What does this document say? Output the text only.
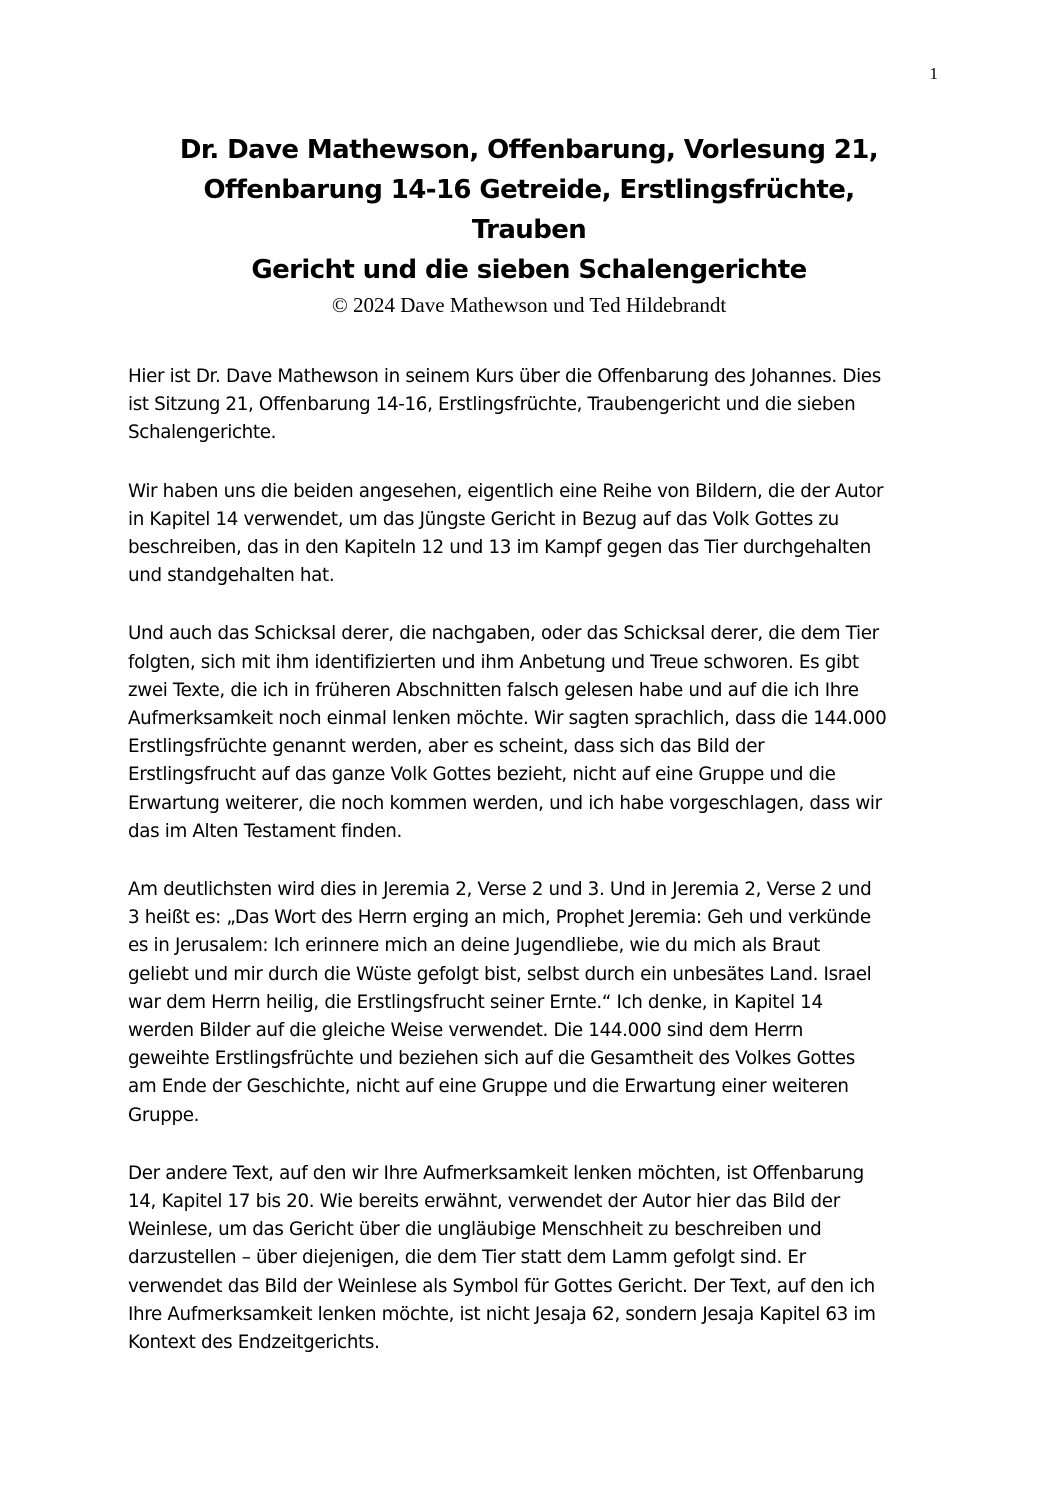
1
Dr. Dave Mathewson, Offenbarung, Vorlesung 21,
Offenbarung 14-16 Getreide, Erstlingsfrüchte,
Trauben
Gericht und die sieben Schalengerichte
© 2024 Dave Mathewson und Ted Hildebrandt
Hier ist Dr. Dave Mathewson in seinem Kurs über die Offenbarung des Johannes. Dies
ist Sitzung 21, Offenbarung 14-16, Erstlingsfrüchte, Traubengericht und die sieben
Schalengerichte.
Wir haben uns die beiden angesehen, eigentlich eine Reihe von Bildern, die der Autor
in Kapitel 14 verwendet, um das Jüngste Gericht in Bezug auf das Volk Gottes zu
beschreiben, das in den Kapiteln 12 und 13 im Kampf gegen das Tier durchgehalten
und standgehalten hat.
Und auch das Schicksal derer, die nachgaben, oder das Schicksal derer, die dem Tier
folgten, sich mit ihm identifizierten und ihm Anbetung und Treue schworen. Es gibt
zwei Texte, die ich in früheren Abschnitten falsch gelesen habe und auf die ich Ihre
Aufmerksamkeit noch einmal lenken möchte. Wir sagten sprachlich, dass die 144.000
Erstlingsfrüchte genannt werden, aber es scheint, dass sich das Bild der
Erstlingsfrucht auf das ganze Volk Gottes bezieht, nicht auf eine Gruppe und die
Erwartung weiterer, die noch kommen werden, und ich habe vorgeschlagen, dass wir
das im Alten Testament finden.
Am deutlichsten wird dies in Jeremia 2, Verse 2 und 3. Und in Jeremia 2, Verse 2 und
3 heißt es: „Das Wort des Herrn erging an mich, Prophet Jeremia: Geh und verkünde
es in Jerusalem: Ich erinnere mich an deine Jugendliebe, wie du mich als Braut
geliebt und mir durch die Wüste gefolgt bist, selbst durch ein unbesätes Land. Israel
war dem Herrn heilig, die Erstlingsfrucht seiner Ernte.“ Ich denke, in Kapitel 14
werden Bilder auf die gleiche Weise verwendet. Die 144.000 sind dem Herrn
geweihte Erstlingsfrüchte und beziehen sich auf die Gesamtheit des Volkes Gottes
am Ende der Geschichte, nicht auf eine Gruppe und die Erwartung einer weiteren
Gruppe.
Der andere Text, auf den wir Ihre Aufmerksamkeit lenken möchten, ist Offenbarung
14, Kapitel 17 bis 20. Wie bereits erwähnt, verwendet der Autor hier das Bild der
Weinlese, um das Gericht über die ungläubige Menschheit zu beschreiben und
darzustellen – über diejenigen, die dem Tier statt dem Lamm gefolgt sind. Er
verwendet das Bild der Weinlese als Symbol für Gottes Gericht. Der Text, auf den ich
Ihre Aufmerksamkeit lenken möchte, ist nicht Jesaja 62, sondern Jesaja Kapitel 63 im
Kontext des Endzeitgerichts.
